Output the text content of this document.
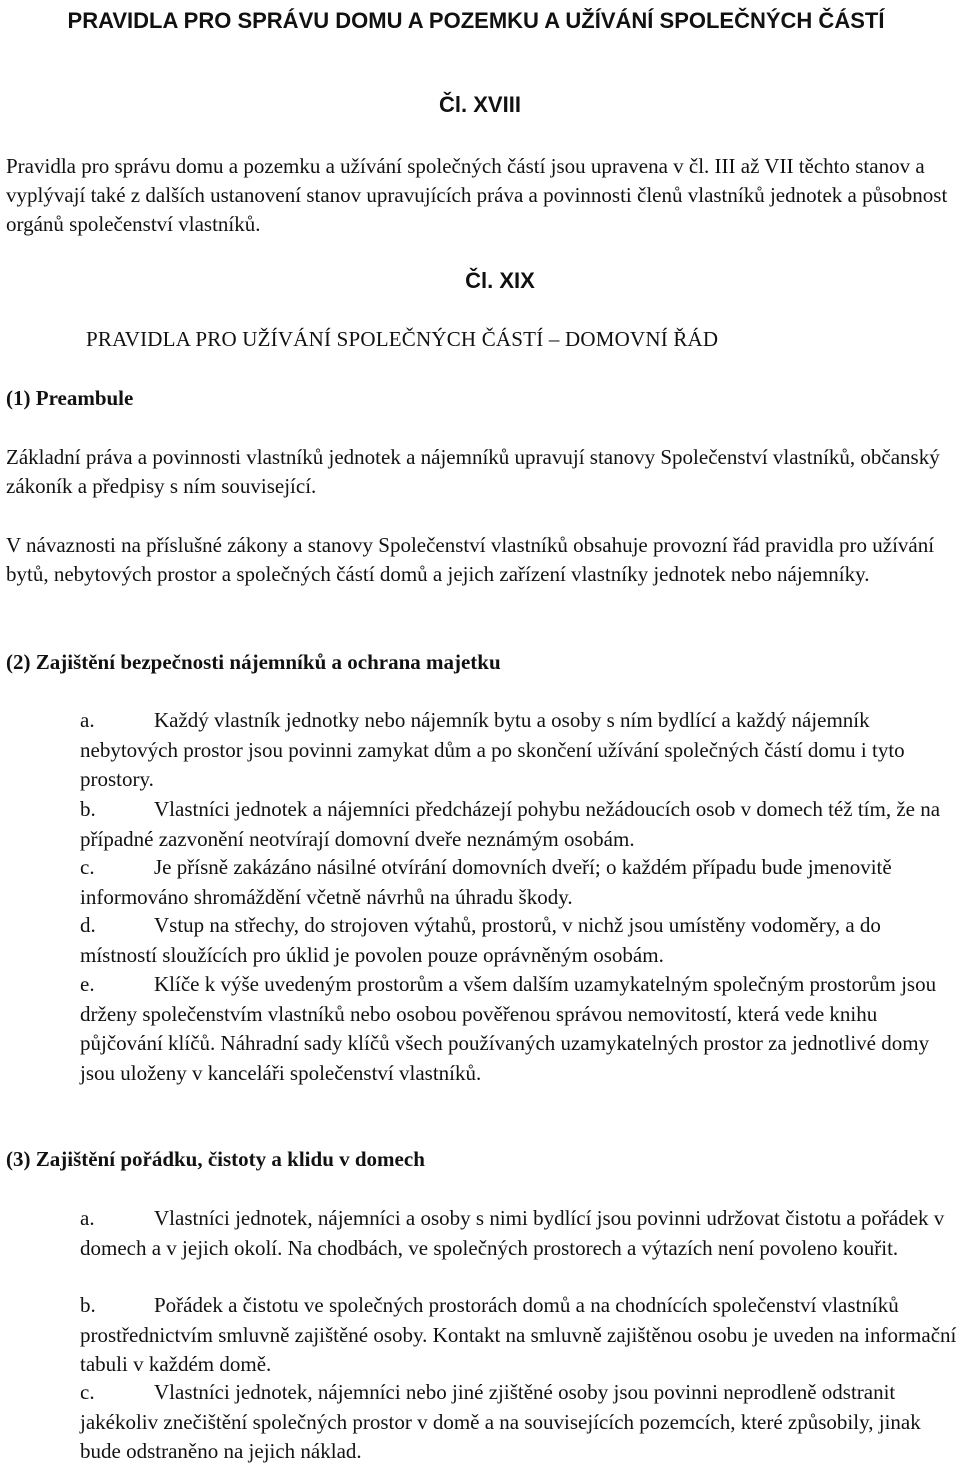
PRAVIDLA PRO SPRÁVU DOMU A POZEMKU A UŽÍVÁNÍ SPOLEČNÝCH ČÁSTÍ
Čl. XVIII
Pravidla pro správu domu a pozemku a užívání společných částí jsou upravena v čl. III až VII těchto stanov a vyplývají také z dalších ustanovení stanov upravujících práva a povinnosti členů vlastníků jednotek a působnost orgánů společenství vlastníků.
Čl. XIX
PRAVIDLA PRO UŽÍVÁNÍ SPOLEČNÝCH ČÁSTÍ – DOMOVNÍ ŘÁD
(1) Preambule
Základní práva a povinnosti vlastníků jednotek a nájemníků upravují stanovy Společenství vlastníků, občanský zákoník a předpisy s ním související.
V návaznosti na příslušné zákony a stanovy Společenství vlastníků obsahuje provozní řád pravidla pro užívání bytů, nebytových prostor a společných částí domů a jejich zařízení vlastníky jednotek nebo nájemníky.
(2) Zajištění bezpečnosti nájemníků a ochrana majetku
a.	Každý vlastník jednotky nebo nájemník bytu a osoby s ním bydlící a každý nájemník nebytových prostor jsou povinni zamykat dům a po skončení užívání společných částí domu i tyto prostory.
b.	Vlastníci jednotek a nájemníci předcházejí pohybu nežádoucích osob v domech též tím, že na případné zazvonění neotvírají domovní dveře neznámým osobám.
c.	Je přísně zakázáno násilné otvírání domovních dveří; o každém případu bude jmenovitě informováno shromáždění včetně návrhů na úhradu škody.
d.	Vstup na střechy, do strojoven výtahů, prostorů, v nichž jsou umístěny vodoměry, a do místností sloužících pro úklid je povolen pouze oprávněným osobám.
e.	Klíče k výše uvedeným prostorům a všem dalším uzamykatelným společným prostorům jsou drženy společenstvím vlastníků nebo osobou pověřenou správou nemovitostí, která vede knihu půjčování klíčů. Náhradní sady klíčů všech používaných uzamykatelných prostor za jednotlivé domy jsou uloženy v kanceláři společenství vlastníků.
(3) Zajištění pořádku, čistoty a klidu v domech
a.	Vlastníci jednotek, nájemníci a osoby s nimi bydlící jsou povinni udržovat čistotu a pořádek v domech a v jejich okolí. Na chodbách, ve společných prostorech a výtazích není povoleno kouřit.
b.	Pořádek a čistotu ve společných prostorách domů a na chodnících společenství vlastníků prostřednictvím smluvně zajištěné osoby. Kontakt na smluvně zajištěnou osobu je uveden na informační tabuli v každém domě.
c.	Vlastníci jednotek, nájemníci nebo jiné zjištěné osoby jsou povinni neprodleně odstranit jakékoliv znečištění společných prostor v domě a na souvisejících pozemcích, které způsobily, jinak bude odstraněno na jejich náklad.
